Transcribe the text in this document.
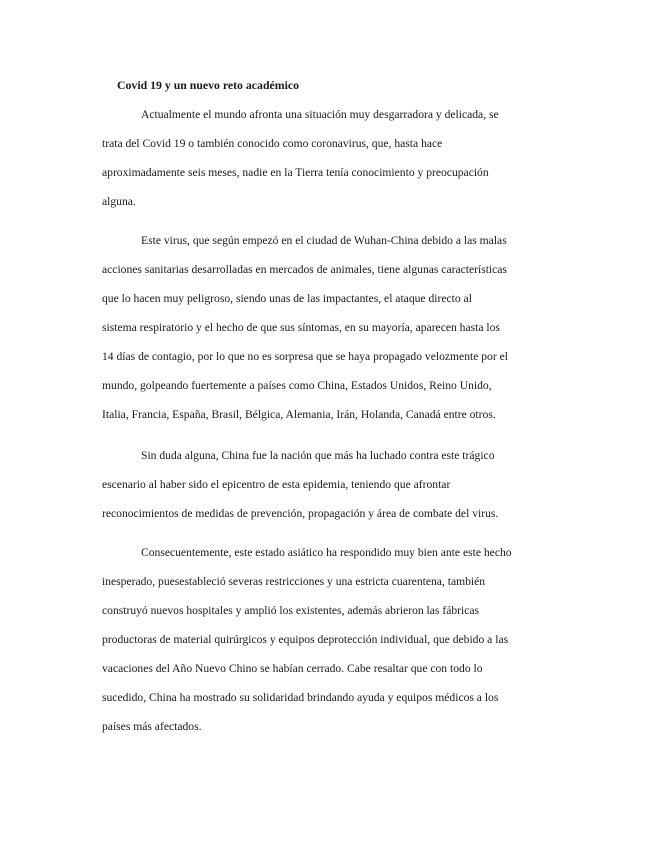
Covid 19 y un nuevo reto académico
Actualmente el mundo afronta una situación muy desgarradora y delicada, se
trata del Covid 19 o también conocido como coronavirus, que, hasta hace
aproximadamente seis meses, nadie en la Tierra tenía conocimiento y preocupación
alguna.
Este virus, que según empezó en el ciudad de Wuhan-China debido a las malas
acciones sanitarias desarrolladas en mercados de animales, tiene algunas características
que lo hacen muy peligroso, siendo unas de las impactantes, el ataque directo al
sistema respiratorio y el hecho de que sus síntomas, en su mayoría, aparecen hasta los
14 días de contagio, por lo que no es sorpresa que se haya propagado velozmente por el
mundo, golpeando fuertemente a países como China, Estados Unidos, Reino Unido,
Italia, Francia, España, Brasil, Bélgica, Alemania, Irán, Holanda, Canadá entre otros.
Sin duda alguna, China fue la nación que más ha luchado contra este trágico
escenario al haber sido el epicentro de esta epidemia, teniendo que afrontar
reconocimientos de medidas de prevención, propagación y área de combate del virus.
Consecuentemente, este estado asiático ha respondido muy bien ante este hecho
inesperado, puesestableció severas restricciones y una estricta cuarentena, también
construyó nuevos hospitales y amplió los existentes, además abrieron las fábricas
productoras de material quirúrgicos y equipos deprotección individual, que debido a las
vacaciones del Año Nuevo Chino se habían cerrado. Cabe resaltar que con todo lo
sucedido, China ha mostrado su solidaridad brindando ayuda y equipos médicos a los
países más afectados.
